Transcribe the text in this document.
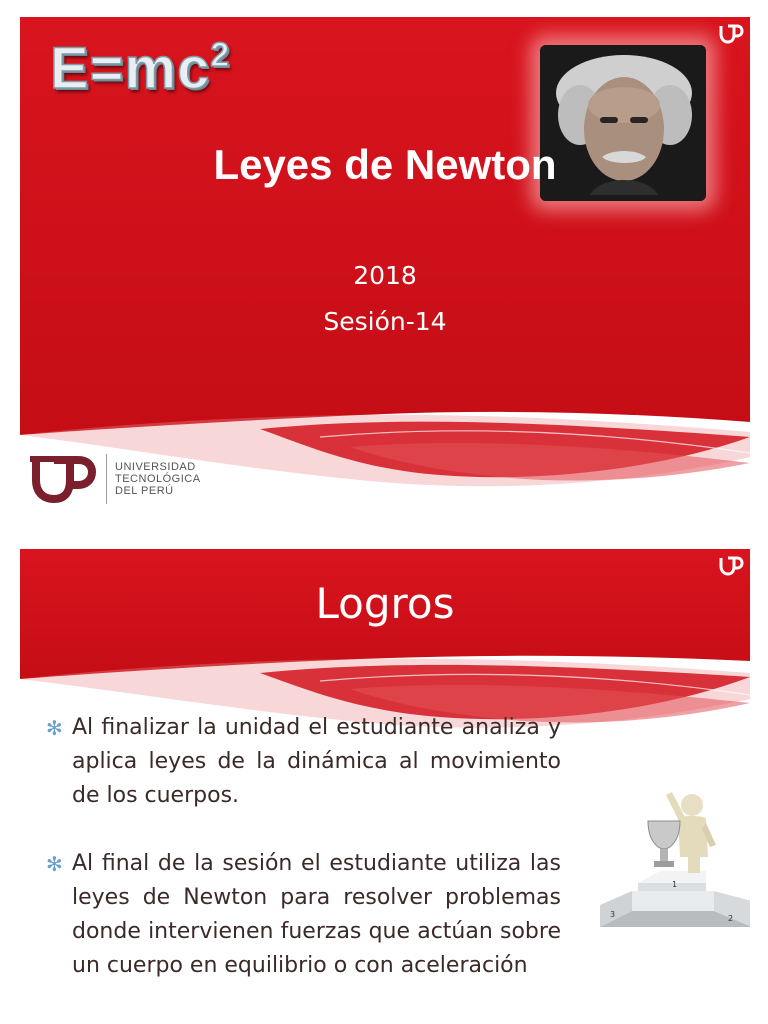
$E=mc^2$
Leyes de Newton
2018
Sesión-14
UNIVERSIDAD
TECNOLÓGICA
DEL PERÚ
Logros
✻ Al finalizar la unidad el estudiante analiza y aplica leyes de la dinámica al movimiento de los cuerpos.
✻ Al final de la sesión el estudiante utiliza las leyes de Newton para resolver problemas donde intervienen fuerzas que actúan sobre un cuerpo en equilibrio o con aceleración
1
2
3
